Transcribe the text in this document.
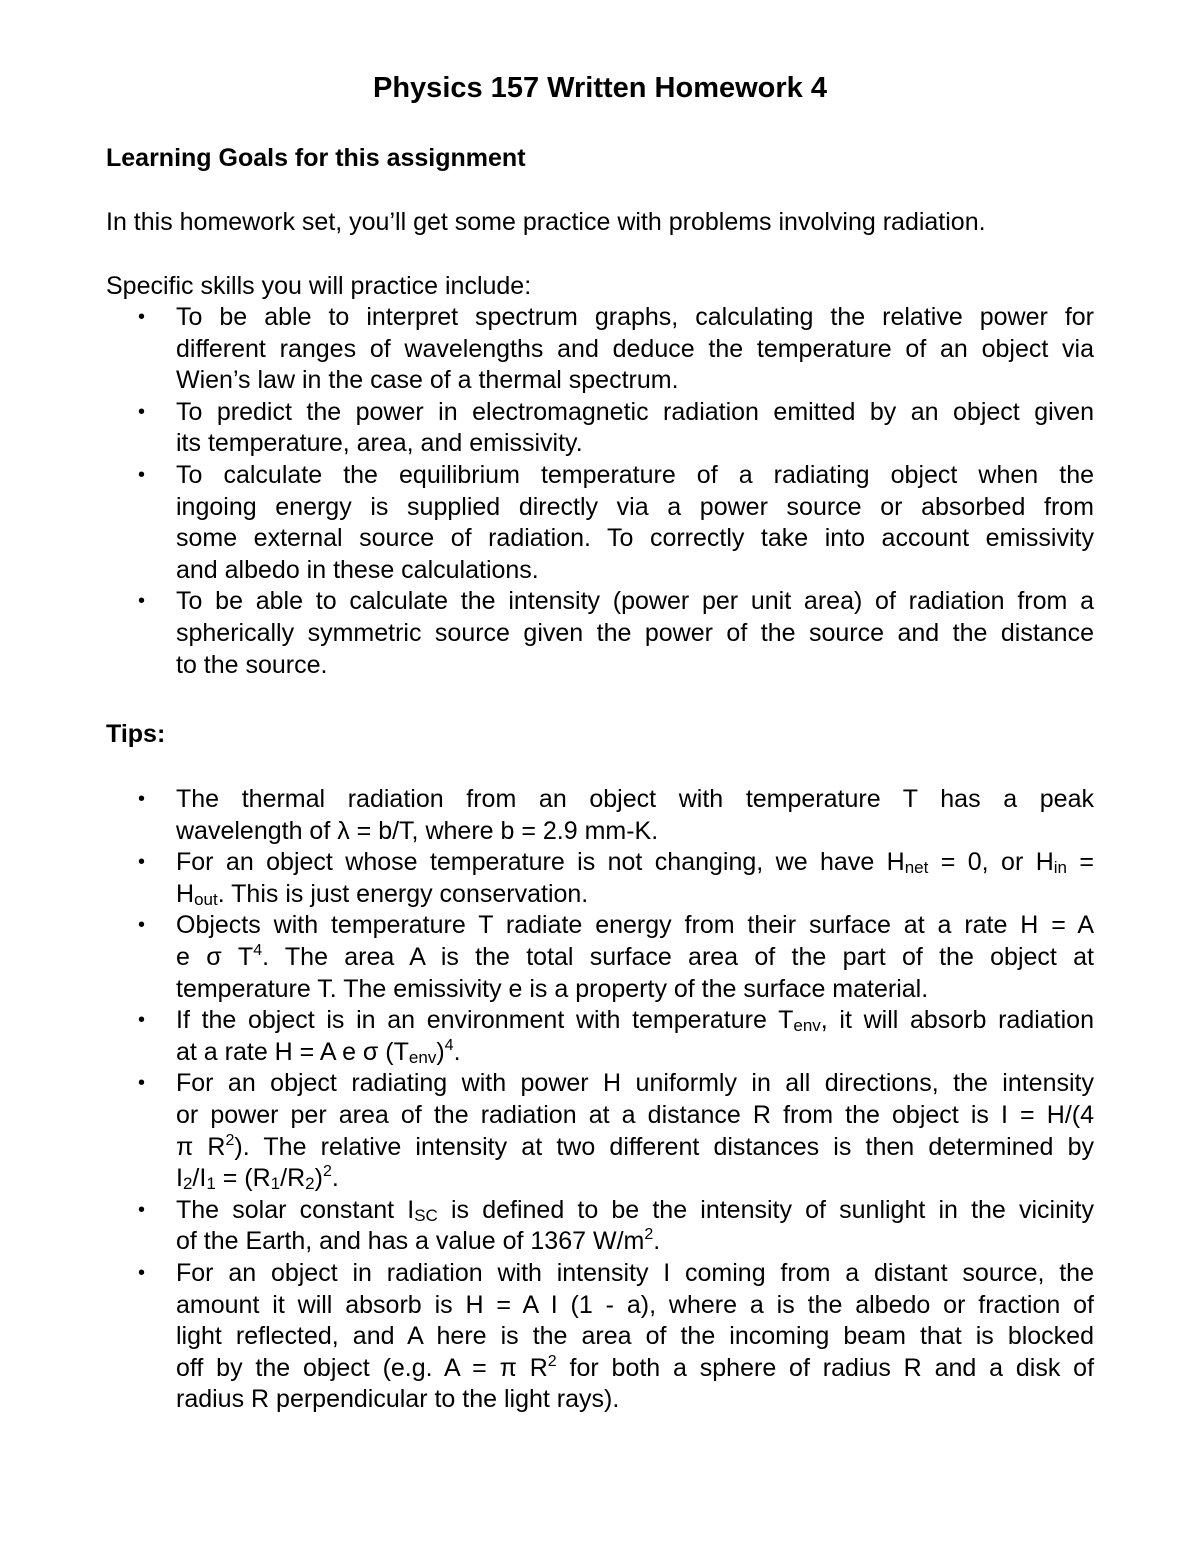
Physics 157 Written Homework 4
Learning Goals for this assignment

In this homework set, you’ll get some practice with problems involving radiation.

Specific skills you will practice include:

• To be able to interpret spectrum graphs, calculating the relative power for
different ranges of wavelengths and deduce the temperature of an object via
Wien’s law in the case of a thermal spectrum.
• To predict the power in electromagnetic radiation emitted by an object given
its temperature, area, and emissivity.
• To calculate the equilibrium temperature of a radiating object when the
ingoing energy is supplied directly via a power source or absorbed from
some external source of radiation. To correctly take into account emissivity
and albedo in these calculations.
• To be able to calculate the intensity (power per unit area) of radiation from a
spherically symmetric source given the power of the source and the distance
to the source.
Tips:
• The thermal radiation from an object with temperature T has a peak
wavelength of λ = b/T, where b = 2.9 mm-K.
• For an object whose temperature is not changing, we have $H_{net} = 0$, or $H_{in}$ =
$H_{out}$. This is just energy conservation.
• Objects with temperature T radiate energy from their surface at a rate H = A
e σ $T^4$. The area A is the total surface area of the part of the object at
temperature T. The emissivity e is a property of the surface material.
• If the object is in an environment with temperature $T_{env}$, it will absorb radiation
at a rate H = A e σ $(T_{env})^4$.
• For an object radiating with power H uniformly in all directions, the intensity
or power per area of the radiation at a distance R from the object is I = H/(4
π $R^2$). The relative intensity at two different distances is then determined by
$I_2/I_1 = (R_1/R_2)^2$.
• The solar constant $I_{SC}$ is defined to be the intensity of sunlight in the vicinity
of the Earth, and has a value of 1367 $W/m^2$.
• For an object in radiation with intensity I coming from a distant source, the
amount it will absorb is H = A I (1 - a), where a is the albedo or fraction of
light reflected, and A here is the area of the incoming beam that is blocked
off by the object (e.g. A = π $R^2$ for both a sphere of radius R and a disk of
radius R perpendicular to the light rays).
